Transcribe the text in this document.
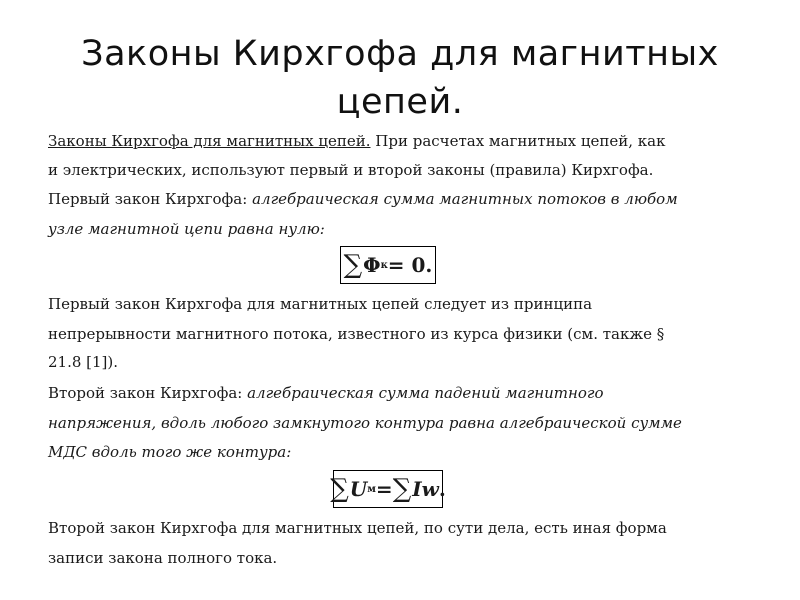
Законы Кирхгофа для магнитных цепей.
Законы Кирхгофа для магнитных цепей. При расчетах магнитных цепей, как
и электрических, используют первый и второй законы (правила) Кирхгофа.
Первый закон Кирхгофа: алгебраическая сумма магнитных потоков в любом
узле магнитной цепи равна нулю:
∑ Φ к = 0.
Первый закон Кирхгофа для магнитных цепей следует из принципа
непрерывности магнитного потока, известного из курса физики (см. также §
21.8 [1]).
Второй закон Кирхгофа: алгебраическая сумма падений магнитного
напряжения, вдоль любого замкнутого контура равна алгебраической сумме
МДС вдоль того же контура:
∑ U м = ∑ Iw .
Второй закон Кирхгофа для магнитных цепей, по сути дела, есть иная форма
записи закона полного тока.
